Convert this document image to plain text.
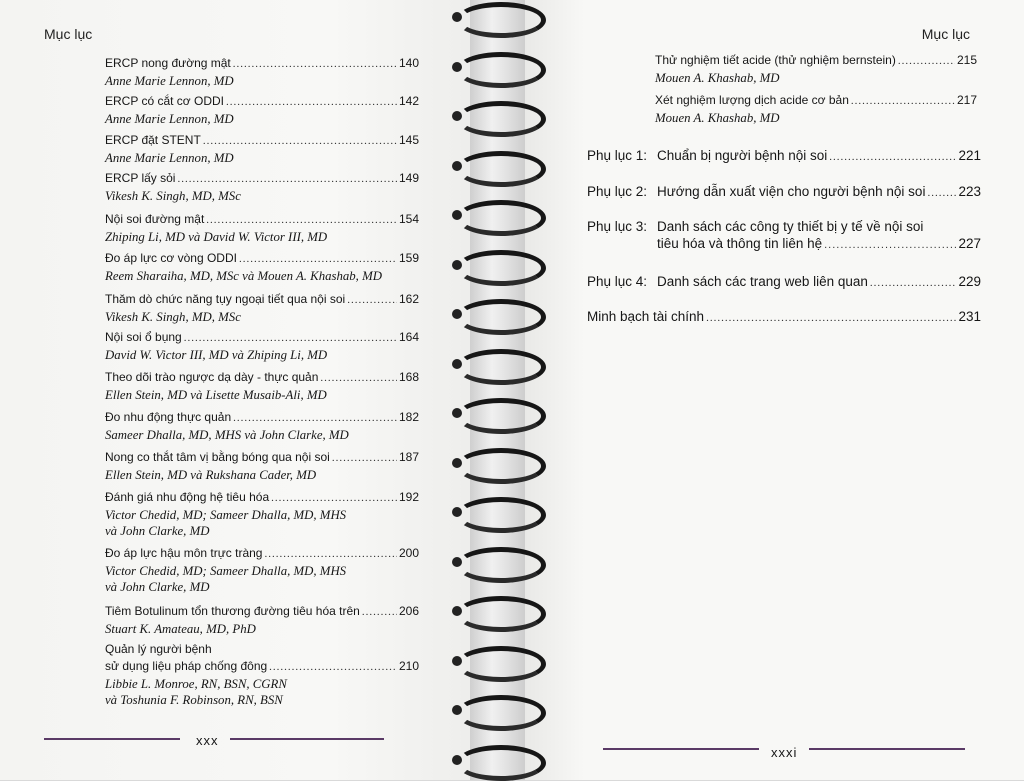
Mục lục
ERCP nong đường mật .....	140
Anne Marie Lennon, MD
ERCP có cắt cơ ODDI .....	142
Anne Marie Lennon, MD
ERCP đặt STENT .....	145
Anne Marie Lennon, MD
ERCP lấy sỏi .....	149
Vikesh K. Singh, MD, MSc
Nội soi đường mật .....	154
Zhiping Li, MD và David W. Victor III, MD
Đo áp lực cơ vòng ODDI .....	159
Reem Sharaiha, MD, MSc và Mouen A. Khashab, MD
Thăm dò chức năng tụy ngoại tiết qua nội soi .....	162
Vikesh K. Singh, MD, MSc
Nội soi ổ bụng .....	164
David W. Victor III, MD và Zhiping Li, MD
Theo dõi trào ngược dạ dày - thực quản .....	168
Ellen Stein, MD và Lisette Musaib-Ali, MD
Đo nhu động thực quản .....	182
Sameer Dhalla, MD, MHS và John Clarke, MD
Nong co thắt tâm vị bằng bóng qua nội soi .....	187
Ellen Stein, MD và Rukshana Cader, MD
Đánh giá nhu động hệ tiêu hóa .....	192
Victor Chedid, MD; Sameer Dhalla, MD, MHS
và John Clarke, MD
Đo áp lực hậu môn trực tràng .....	200
Victor Chedid, MD; Sameer Dhalla, MD, MHS
và John Clarke, MD
Tiêm Botulinum tổn thương đường tiêu hóa trên .....	206
Stuart K. Amateau, MD, PhD
Quản lý người bệnh
sử dụng liệu pháp chống đông .....	210
Libbie L. Monroe, RN, BSN, CGRN
và Toshunia F. Robinson, RN, BSN
xxx
Mục lục
Thử nghiệm tiết acide (thử nghiệm bernstein) .....	215
Mouen A. Khashab, MD
Xét nghiệm lượng dịch acide cơ bản .....	217
Mouen A. Khashab, MD
Phụ lục 1: Chuẩn bị người bệnh nội soi .....	221
Phụ lục 2: Hướng dẫn xuất viện cho người bệnh nội soi ..... 223
Phụ lục 3: Danh sách các công ty thiết bị y tế về nội soi
tiêu hóa và thông tin liên hệ .....	227
Phụ lục 4: Danh sách các trang web liên quan .....	229
Minh bạch tài chính .....	231
xxxi
